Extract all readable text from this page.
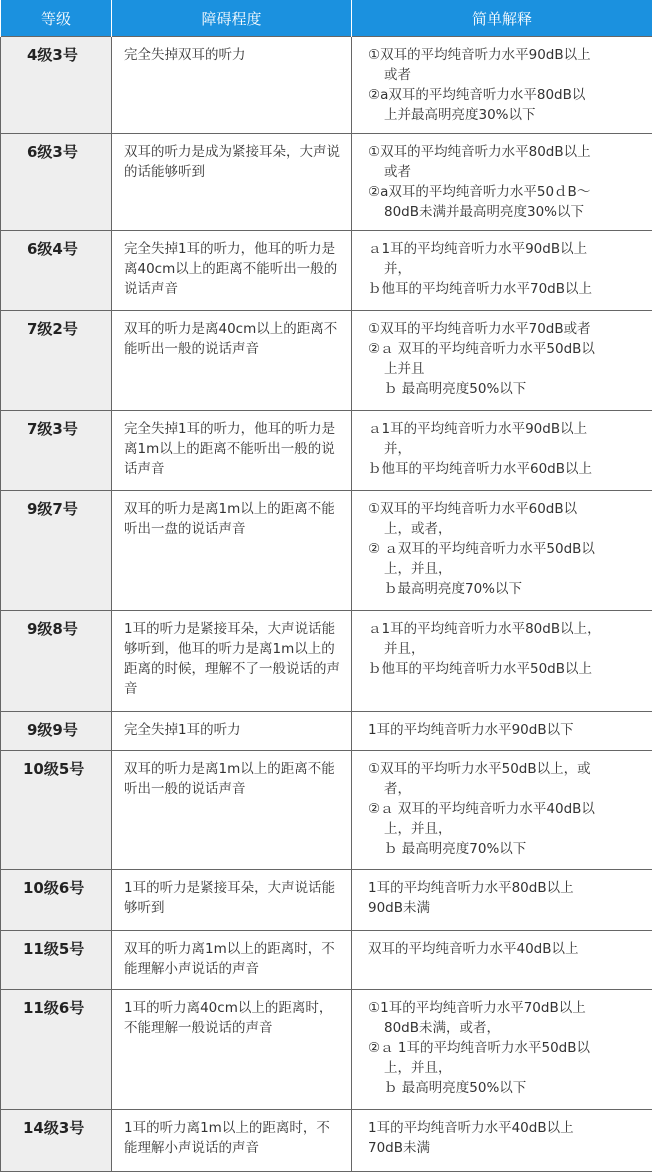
等级	障碍程度	简单解释
4级3号	完全失掉双耳的听力	①双耳的平均纯音听力水平90dB以上
或者
②a双耳的平均纯音听力水平80dB以
上并最高明亮度30%以下

6级3号	双耳的听力是成为紧接耳朵，大声说的话能够听到	①双耳的平均纯音听力水平80dB以上
或者
②a双耳的平均纯音听力水平50ｄB～
80dB未满并最高明亮度30%以下

6级4号	完全失掉1耳的听力，他耳的听力是离40cm以上的距离不能听出一般的说话声音	ａ1耳的平均纯音听力水平90dB以上
并，
ｂ他耳的平均纯音听力水平70dB以上

7级2号	双耳的听力是离40cm以上的距离不能听出一般的说话声音	①双耳的平均纯音听力水平70dB或者
②ａ 双耳的平均纯音听力水平50dB以
上并且
ｂ 最高明亮度50%以下

7级3号	完全失掉1耳的听力，他耳的听力是离1m以上的距离不能听出一般的说话声音	ａ1耳的平均纯音听力水平90dB以上
并，
ｂ他耳的平均纯音听力水平60dB以上

9级7号	双耳的听力是离1m以上的距离不能听出一盘的说话声音	①双耳的平均纯音听力水平60dB以
上，或者，
② ａ双耳的平均纯音听力水平50dB以
上，并且，
ｂ最高明亮度70%以下

9级8号	1耳的听力是紧接耳朵，大声说话能够听到，他耳的听力是离1m以上的距离的时候，理解不了一般说话的声音	ａ1耳的平均纯音听力水平80dB以上，
并且，
ｂ他耳的平均纯音听力水平50dB以上

9级9号	完全失掉1耳的听力	1耳的平均纯音听力水平90dB以下

10级5号	双耳的听力是离1m以上的距离不能听出一般的说话声音	①双耳的平均听力水平50dB以上，或
者，
②ａ 双耳的平均纯音听力水平40dB以
上，并且，
ｂ 最高明亮度70%以下

10级6号	1耳的听力是紧接耳朵，大声说话能够听到	1耳的平均纯音听力水平80dB以上
90dB未满

11级5号	双耳的听力离1m以上的距离时，不能理解小声说话的声音	双耳的平均纯音听力水平40dB以上

11级6号	1耳的听力离40cm以上的距离时，不能理解一般说话的声音	①1耳的平均纯音听力水平70dB以上
80dB未满，或者，
②ａ 1耳的平均纯音听力水平50dB以
上，并且，
ｂ 最高明亮度50%以下

14级3号	1耳的听力离1m以上的距离时，不能理解小声说话的声音	1耳的平均纯音听力水平40dB以上
70dB未满
